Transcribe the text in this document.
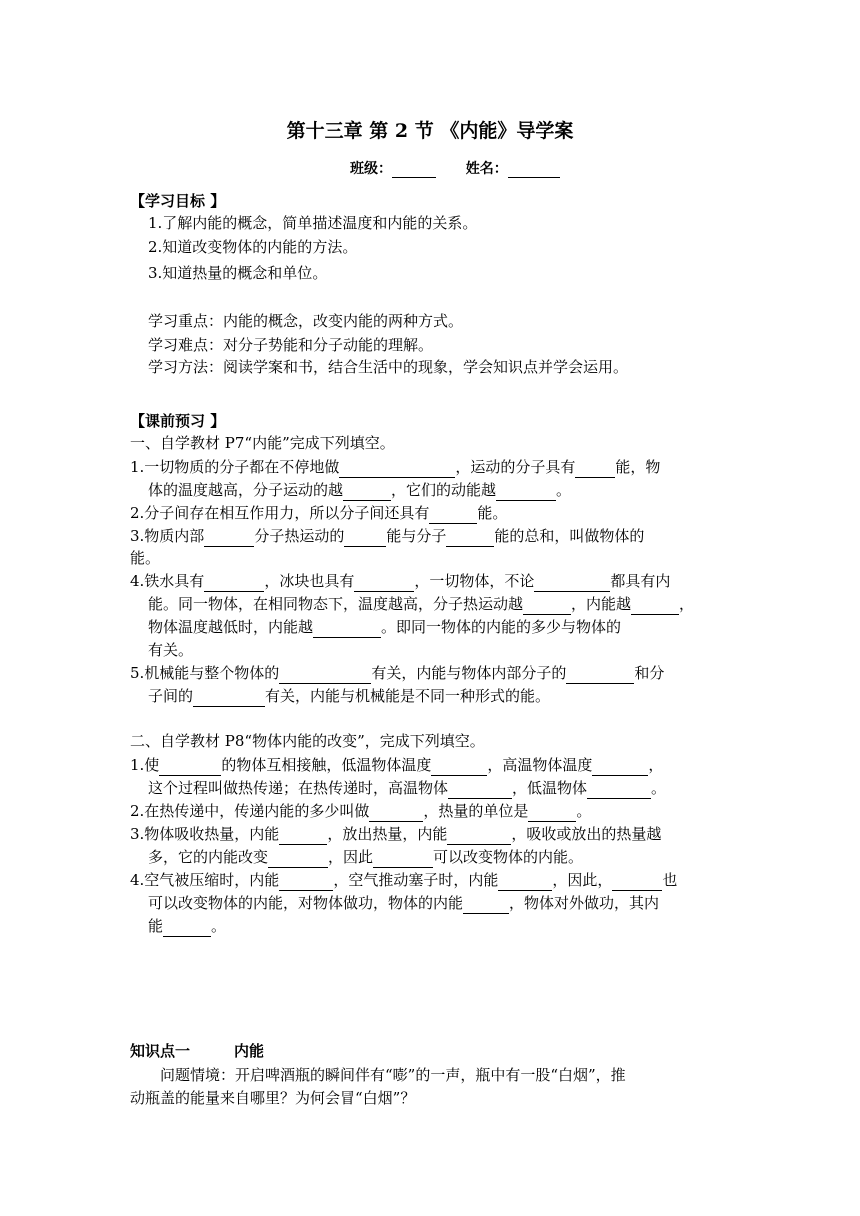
第十三章 第 2 节 《内能》导学案
班级：	姓名：
【学习目标 】
1.了解内能的概念，简单描述温度和内能的关系。
2.知道改变物体的内能的方法。
3.知道热量的概念和单位。
学习重点：内能的概念，改变内能的两种方式。
学习难点：对分子势能和分子动能的理解。
学习方法：阅读学案和书，结合生活中的现象，学会知识点并学会运用。
【课前预习 】
一、自学教材 P7“内能”完成下列填空。
1.一切物质的分子都在不停地做	，运动的分子具有	能，物
体的温度越高，分子运动的越	，它们的动能越	。
2.分子间存在相互作用力，所以分子间还具有	能。
3.物质内部	分子热运动的	能与分子	能的总和，叫做物体的
能。
4.铁水具有	，冰块也具有	，一切物体，不论	都具有内
能。同一物体，在相同物态下，温度越高，分子热运动越	，内能越	，
物体温度越低时，内能越	。即同一物体的内能的多少与物体的
有关。
5.机械能与整个物体的	有关，内能与物体内部分子的	和分
子间的	有关，内能与机械能是不同一种形式的能。
二、自学教材 P8“物体内能的改变”，完成下列填空。
1.使	的物体互相接触，低温物体温度	，高温物体温度	，
这个过程叫做热传递；在热传递时，高温物体	，低温物体	。
2.在热传递中，传递内能的多少叫做	，热量的单位是	。
3.物体吸收热量，内能	，放出热量，内能	，吸收或放出的热量越
多，它的内能改变	，因此	可以改变物体的内能。
4.空气被压缩时，内能	，空气推动塞子时，内能	，因此，	也
可以改变物体的内能，对物体做功，物体的内能	，物体对外做功，其内
能	。
知识点一	内能
问题情境：开启啤酒瓶的瞬间伴有“嘭”的一声，瓶中有一股“白烟”，推
动瓶盖的能量来自哪里？为何会冒“白烟”？
